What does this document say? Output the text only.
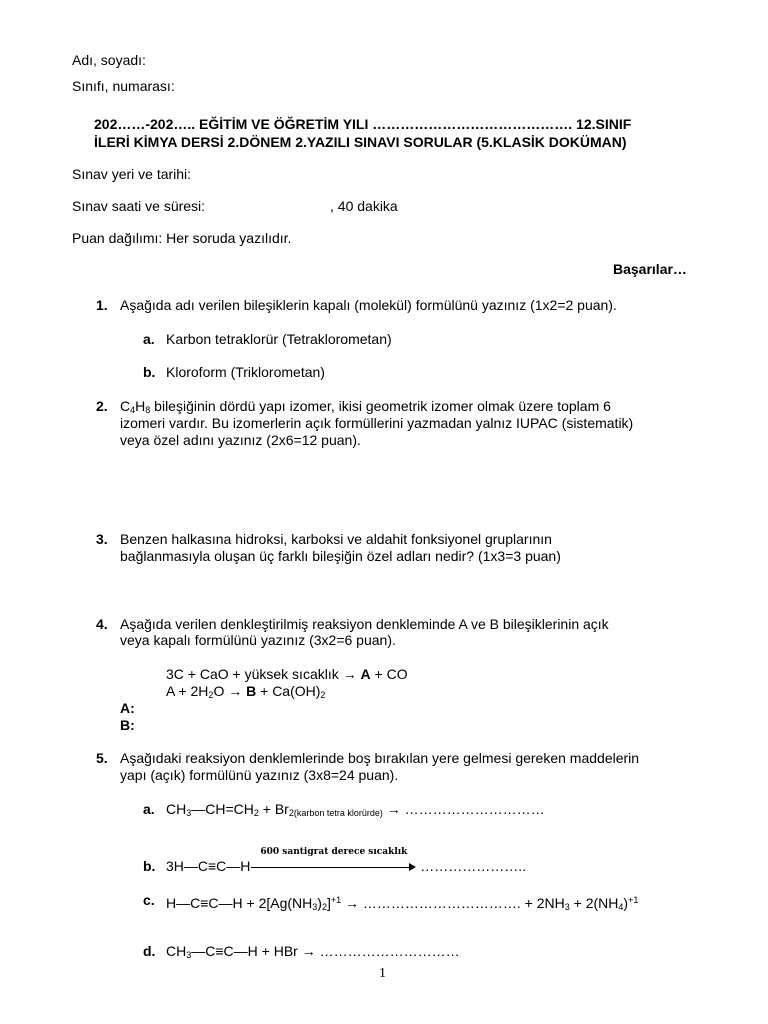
Adı, soyadı:
Sınıfı, numarası:
202……-202….. EĞİTİM VE ÖĞRETİM YILI ……………………………………. 12.SINIF
İLERİ KİMYA DERSİ 2.DÖNEM 2.YAZILI SINAVI SORULAR (5.KLASİK DOKÜMAN)
Sınav yeri ve tarihi:
Sınav saati ve süresi:	, 40 dakika
Puan dağılımı: Her soruda yazılıdır.
Başarılar…
1. Aşağıda adı verilen bileşiklerin kapalı (molekül) formülünü yazınız (1x2=2 puan).
a. Karbon tetraklorür (Tetraklorometan)
b. Kloroform (Triklorometan)
2. $C_4H_8$ bileşiğinin dördü yapı izomer, ikisi geometrik izomer olmak üzere toplam 6
izomeri vardır. Bu izomerlerin açık formüllerini yazmadan yalnız IUPAC (sistematik)
veya özel adını yazınız (2x6=12 puan).
3. Benzen halkasına hidroksi, karboksi ve aldahit fonksiyonel gruplarının
bağlanmasıyla oluşan üç farklı bileşiğin özel adları nedir? (1x3=3 puan)
4. Aşağıda verilen denkleştirilmiş reaksiyon denkleminde A ve B bileşiklerinin açık
veya kapalı formülünü yazınız (3x2=6 puan).
3C + CaO + yüksek sıcaklık → A + CO
$A + 2H_2O \to B + Ca(OH)_2$
A:
B:
5. Aşağıdaki reaksiyon denklemlerinde boş bırakılan yere gelmesi gereken maddelerin
yapı (açık) formülünü yazınız (3x8=24 puan).
a. $CH_3—CH=CH_2$ + Br2(karbon tetra klorürde) → …………………………
b. 3H—C≡C—H
600 santigrat derece sıcaklık
…………………..
c. H—C≡C—H + $2[Ag(NH_3)_2]^{+1}$ → ……………………………. + $2NH_3 + 2(NH_4)^{+1}$
d. $CH_3—C\equiv C—H$ + HBr → …………………………
1
